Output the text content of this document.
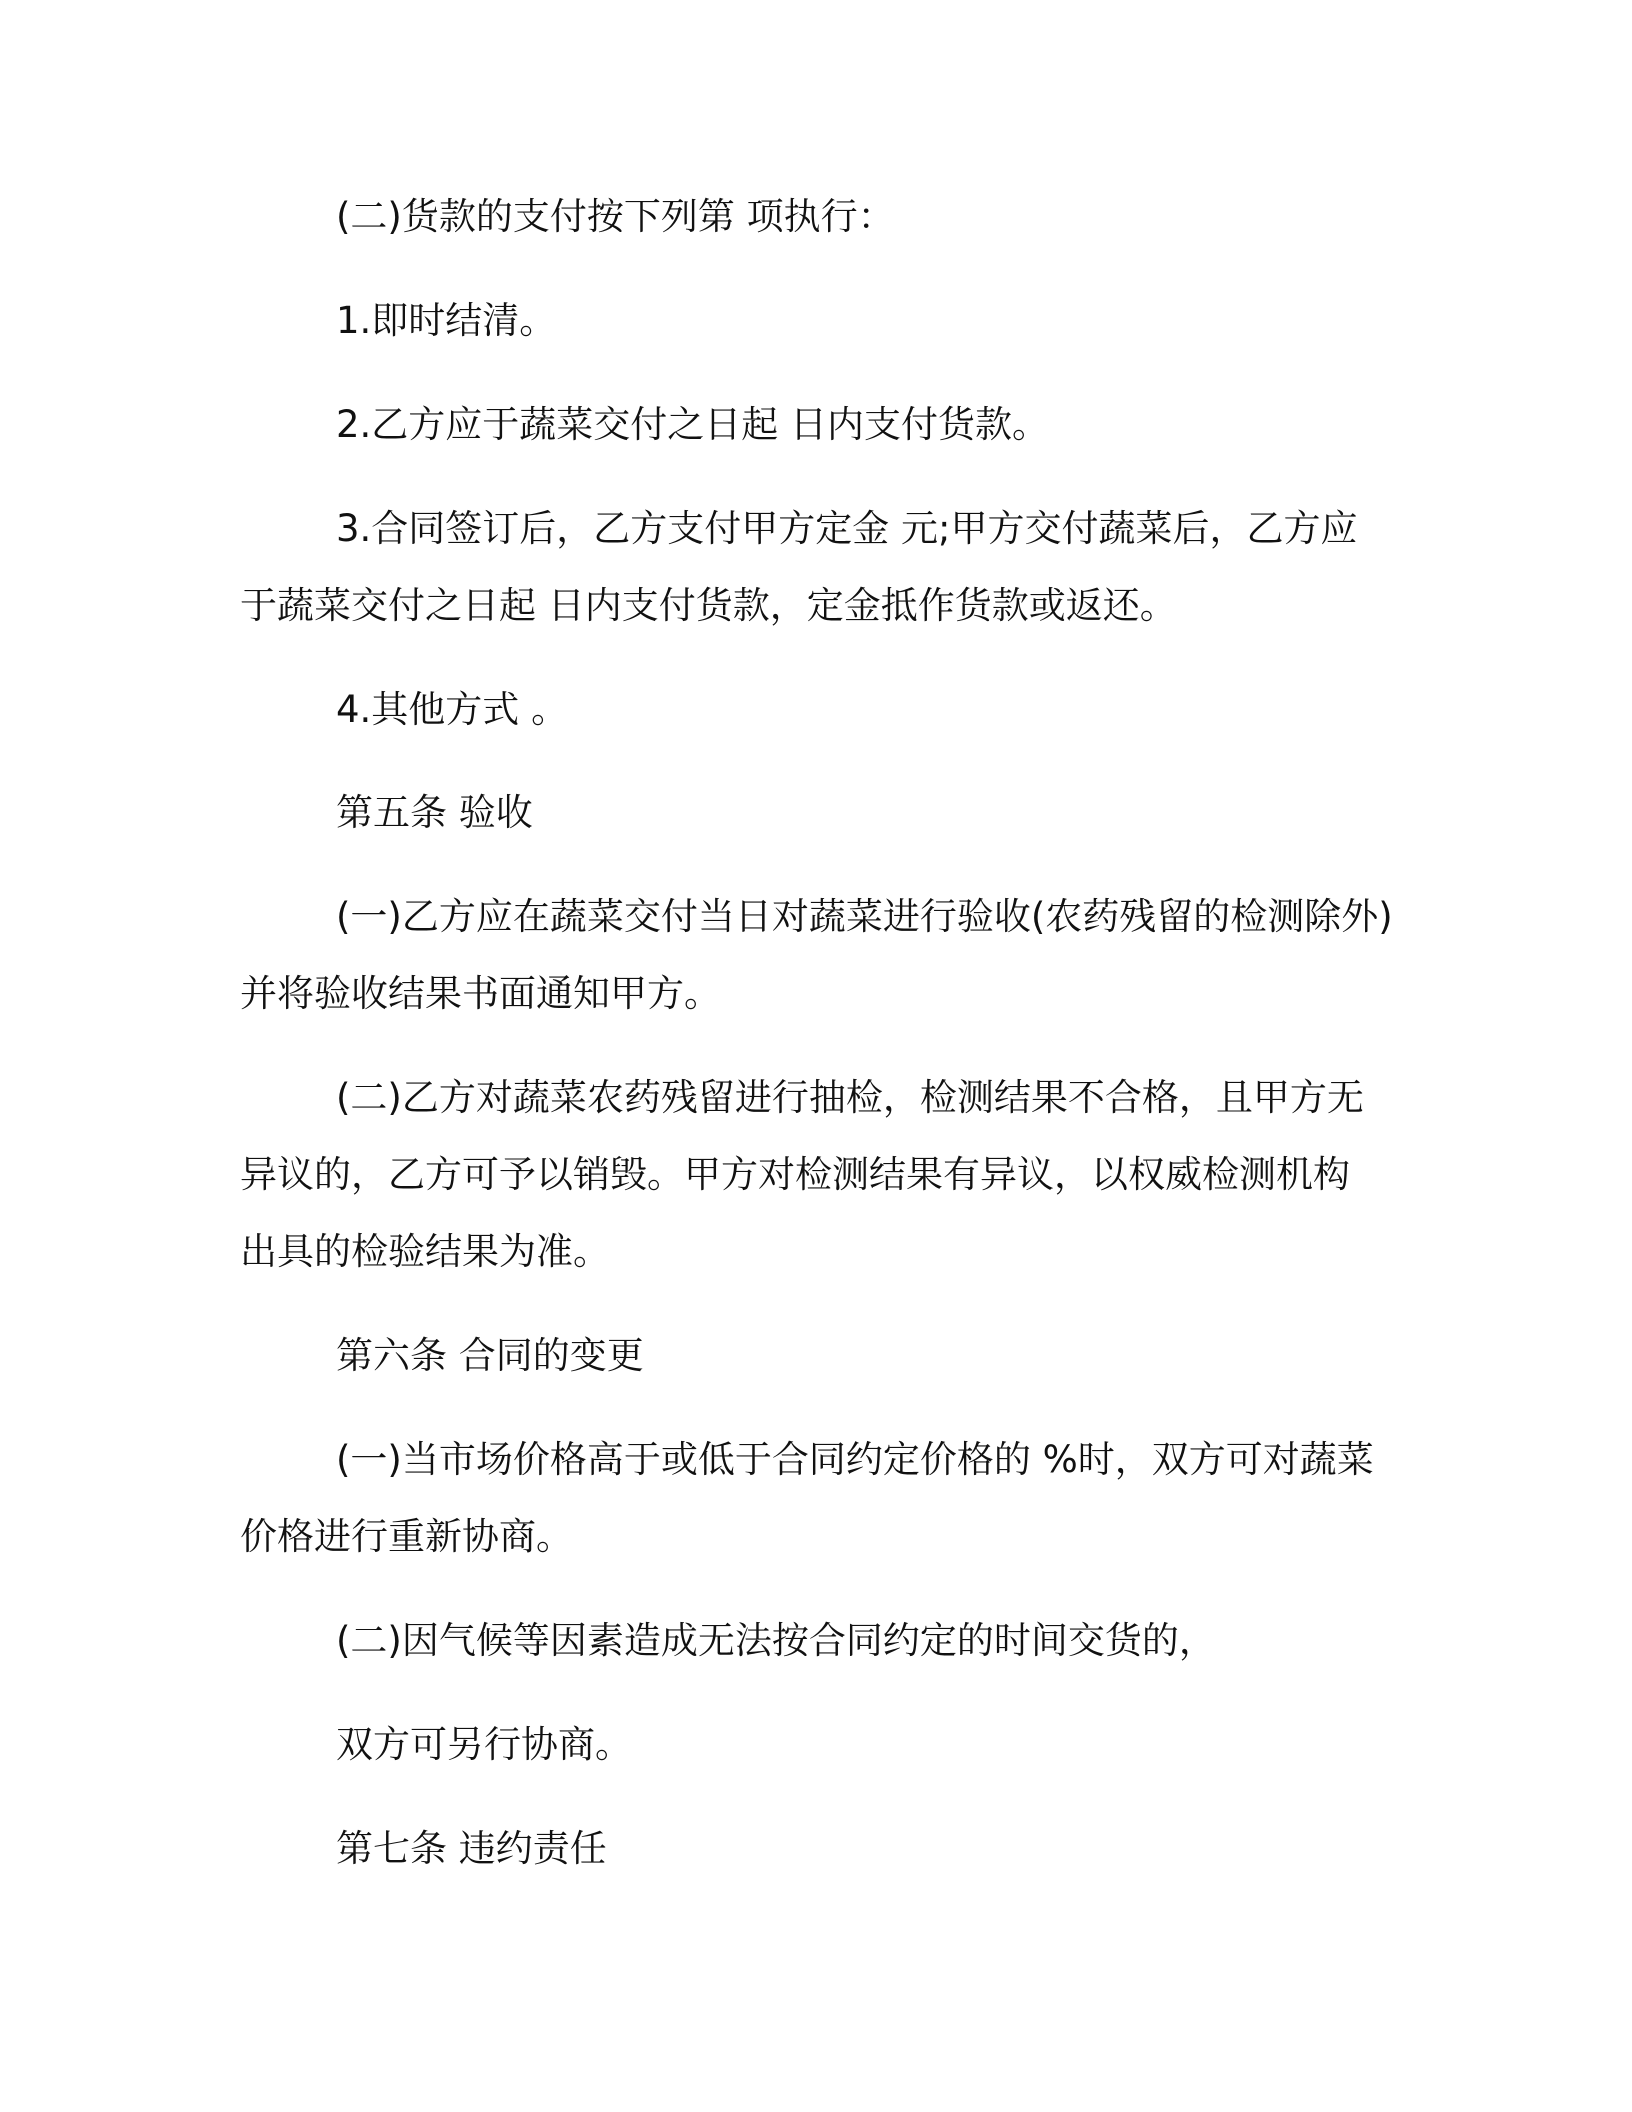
(二)货款的支付按下列第 项执行：
1.即时结清。
2.乙方应于蔬菜交付之日起 日内支付货款。
3.合同签订后，乙方支付甲方定金 元;甲方交付蔬菜后，乙方应
于蔬菜交付之日起 日内支付货款，定金抵作货款或返还。
4.其他方式 。
第五条 验收
(一)乙方应在蔬菜交付当日对蔬菜进行验收(农药残留的检测除外)
并将验收结果书面通知甲方。
(二)乙方对蔬菜农药残留进行抽检，检测结果不合格，且甲方无
异议的，乙方可予以销毁。甲方对检测结果有异议，以权威检测机构
出具的检验结果为准。
第六条 合同的变更
(一)当市场价格高于或低于合同约定价格的 %时，双方可对蔬菜
价格进行重新协商。
(二)因气候等因素造成无法按合同约定的时间交货的，
双方可另行协商。
第七条 违约责任
